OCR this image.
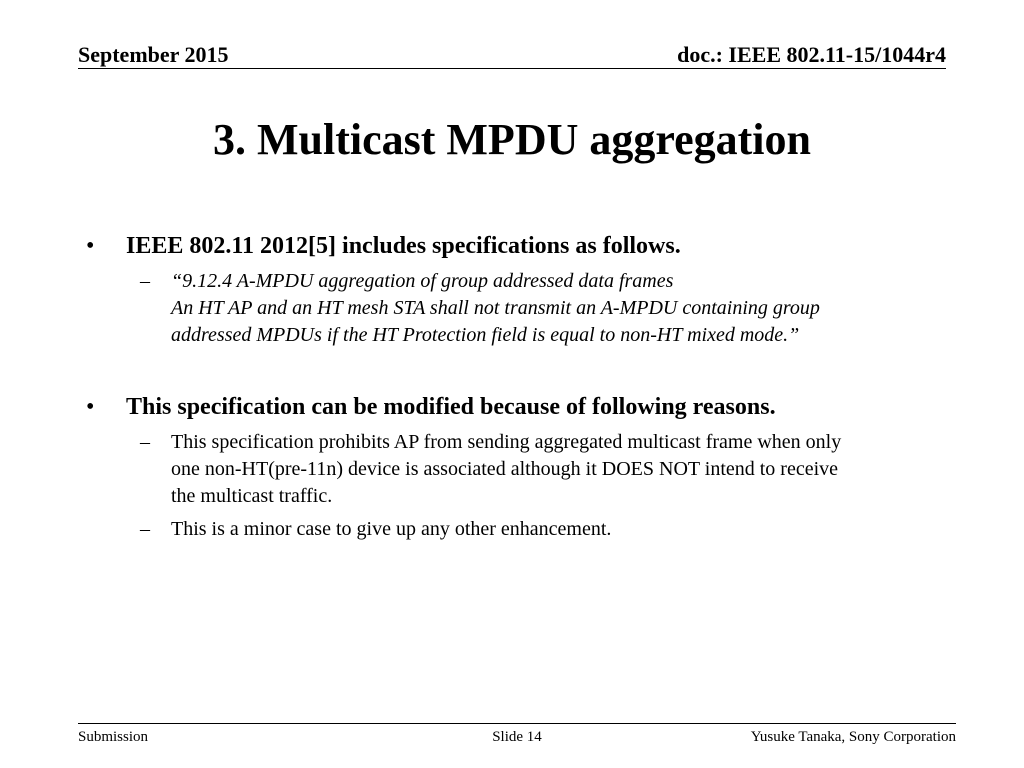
September 2015	doc.: IEEE 802.11-15/1044r4
3. Multicast MPDU aggregation
• IEEE 802.11 2012[5] includes specifications as follows.
– “9.12.4 A-MPDU aggregation of group addressed data frames
An HT AP and an HT mesh STA shall not transmit an A-MPDU containing group
addressed MPDUs if the HT Protection field is equal to non-HT mixed mode.”
• This specification can be modified because of following reasons.
– This specification prohibits AP from sending aggregated multicast frame when only
one non-HT(pre-11n) device is associated although it DOES NOT intend to receive
the multicast traffic.
– This is a minor case to give up any other enhancement.
Submission	Slide 14	Yusuke Tanaka, Sony Corporation
